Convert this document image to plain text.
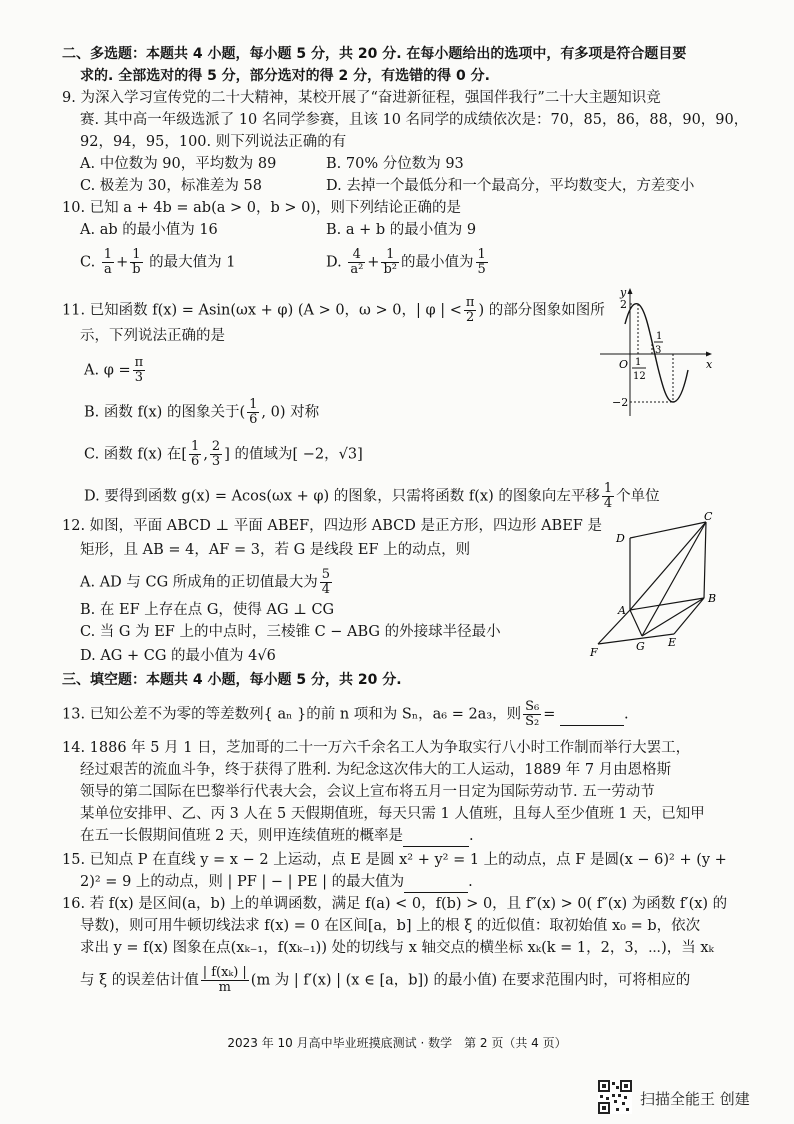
二、多选题：本题共 4 小题，每小题 5 分，共 20 分. 在每小题给出的选项中，有多项是符合题目要
求的. 全部选对的得 5 分，部分选对的得 2 分，有选错的得 0 分.
9. 为深入学习宣传党的二十大精神，某校开展了“奋进新征程，强国伴我行”二十大主题知识竞
赛. 其中高一年级选派了 10 名同学参赛，且该 10 名同学的成绩依次是：70，85，86，88，90，90，
92，94，95，100. 则下列说法正确的有
A. 中位数为 90，平均数为 89	B. 70% 分位数为 93
C. 极差为 30，标准差为 58	D. 去掉一个最低分和一个最高分，平均数变大，方差变小
10. 已知 a + 4b = ab(a > 0，b > 0)，则下列结论正确的是
A. ab 的最小值为 16	B. a + b 的最小值为 9
C. $\frac{1}{a} + \frac{1}{b}$ 的最大值为 1	D. $\frac{4}{\text{a²}} + \frac{1}{\text{b²}}$ 的最小值为 $\frac{1}{5}$
11. 已知函数 f(x) = Asin(ωx + φ) (A > 0，ω > 0，| φ | < $\frac{\pi}{2}$ ) 的部分图象如图所
示，下列说法正确的是
A. $\varphi = \frac{\pi}{3}$
B. 函数 f(x) 的图象关于( $\frac{1}{6}$ , 0) 对称
C. 函数 f(x) 在[ $\frac{1}{6}$ , $\frac{2}{3}$ ] 的值域为[ −2，√3]
D. 要得到函数 g(x) = Acos(ωx + φ) 的图象，只需将函数 f(x) 的图象向左平移 $\frac{1}{4}$ 个单位
y
x
O
2
−2
1
12
1
3
12. 如图，平面 ABCD ⊥ 平面 ABEF，四边形 ABCD 是正方形，四边形 ABEF 是
矩形，且 AB = 4，AF = 3，若 G 是线段 EF 上的动点，则
A. AD 与 CG 所成角的正切值最大为 $\frac{5}{4}$
B. 在 EF 上存在点 G，使得 AG ⊥ CG
C. 当 G 为 EF 上的中点时，三棱锥 C − ABG 的外接球半径最小
D. AG + CG 的最小值为 4√6
C
D
A
B
G E
F
三、填空题：本题共 4 小题，每小题 5 分，共 20 分.
13. 已知公差不为零的等差数列{ aₙ }的前 n 项和为 Sₙ，a₆ = 2a₃，则 $\frac{\text{S₆}}{\text{S₂}}$ =	.
14. 1886 年 5 月 1 日，芝加哥的二十一万六千余名工人为争取实行八小时工作制而举行大罢工，
经过艰苦的流血斗争，终于获得了胜利. 为纪念这次伟大的工人运动，1889 年 7 月由恩格斯
领导的第二国际在巴黎举行代表大会，会议上宣布将五月一日定为国际劳动节. 五一劳动节
某单位安排甲、乙、丙 3 人在 5 天假期值班，每天只需 1 人值班，且每人至少值班 1 天，已知甲
在五一长假期间值班 2 天，则甲连续值班的概率是	.
15. 已知点 P 在直线 y = x − 2 上运动，点 E 是圆 x² + y² = 1 上的动点，点 F 是圆(x − 6)² + (y +
2)² = 9 上的动点，则 | PF | − | PE | 的最大值为	.
16. 若 f(x) 是区间(a，b) 上的单调函数，满足 f(a) < 0，f(b) > 0，且 f″(x) > 0( f″(x) 为函数 f′(x) 的
导数)，则可用牛顿切线法求 f(x) = 0 在区间[a，b] 上的根 ξ 的近似值：取初始值 x₀ = b，依次
求出 y = f(x) 图象在点(xₖ₋₁，f(xₖ₋₁)) 处的切线与 x 轴交点的横坐标 xₖ(k = 1，2，3，⋯)，当 xₖ
与 ξ 的误差估计值 $\frac{\text{| f(xₖ) |}}{m} (m$ 为 | f′(x) | (x ∈ [a，b]) 的最小值) 在要求范围内时，可将相应的
2023 年 10 月高中毕业班摸底测试 · 数学　第 2 页（共 4 页）
扫描全能王 创建
